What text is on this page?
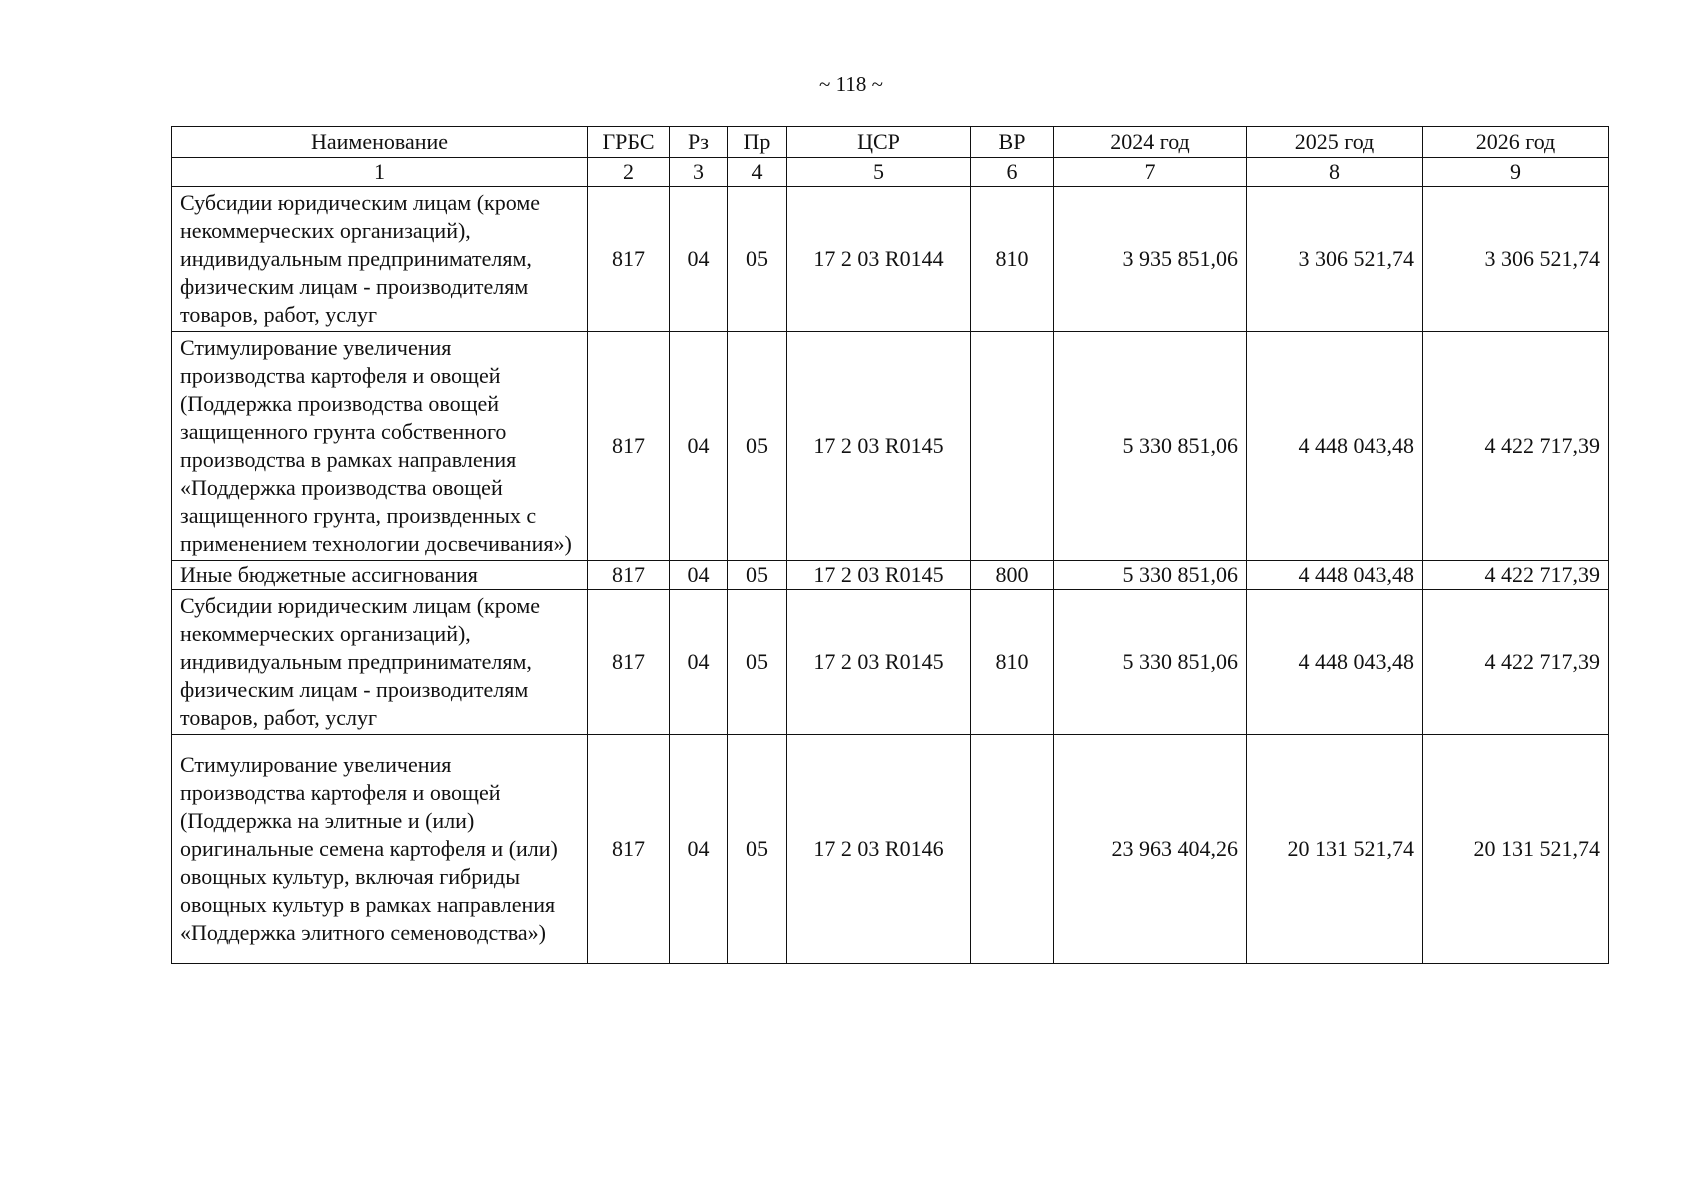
~ 118 ~
Наименование	ГРБС	Рз	Пр	ЦСР	ВР	2024 год	2025 год	2026 год
1	2	3	4	5	6	7	8	9
Субсидии юридическим лицам (кроме некоммерческих организаций), индивидуальным предпринимателям, физическим лицам - производителям товаров, работ, услуг	817	04	05	17 2 03 R0144	810	3 935 851,06	3 306 521,74	3 306 521,74
Стимулирование увеличения производства картофеля и овощей (Поддержка производства овощей защищенного грунта собственного производства в рамках направления «Поддержка производства овощей защищенного грунта, произвденных с применением технологии досвечивания»)	817	04	05	17 2 03 R0145		5 330 851,06	4 448 043,48	4 422 717,39
Иные бюджетные ассигнования	817	04	05	17 2 03 R0145	800	5 330 851,06	4 448 043,48	4 422 717,39
Субсидии юридическим лицам (кроме некоммерческих организаций), индивидуальным предпринимателям, физическим лицам - производителям товаров, работ, услуг	817	04	05	17 2 03 R0145	810	5 330 851,06	4 448 043,48	4 422 717,39
Стимулирование увеличения производства картофеля и овощей (Поддержка на элитные и (или) оригинальные семена картофеля и (или) овощных культур, включая гибриды овощных культур в рамках направления «Поддержка элитного семеноводства»)	817	04	05	17 2 03 R0146		23 963 404,26	20 131 521,74	20 131 521,74
